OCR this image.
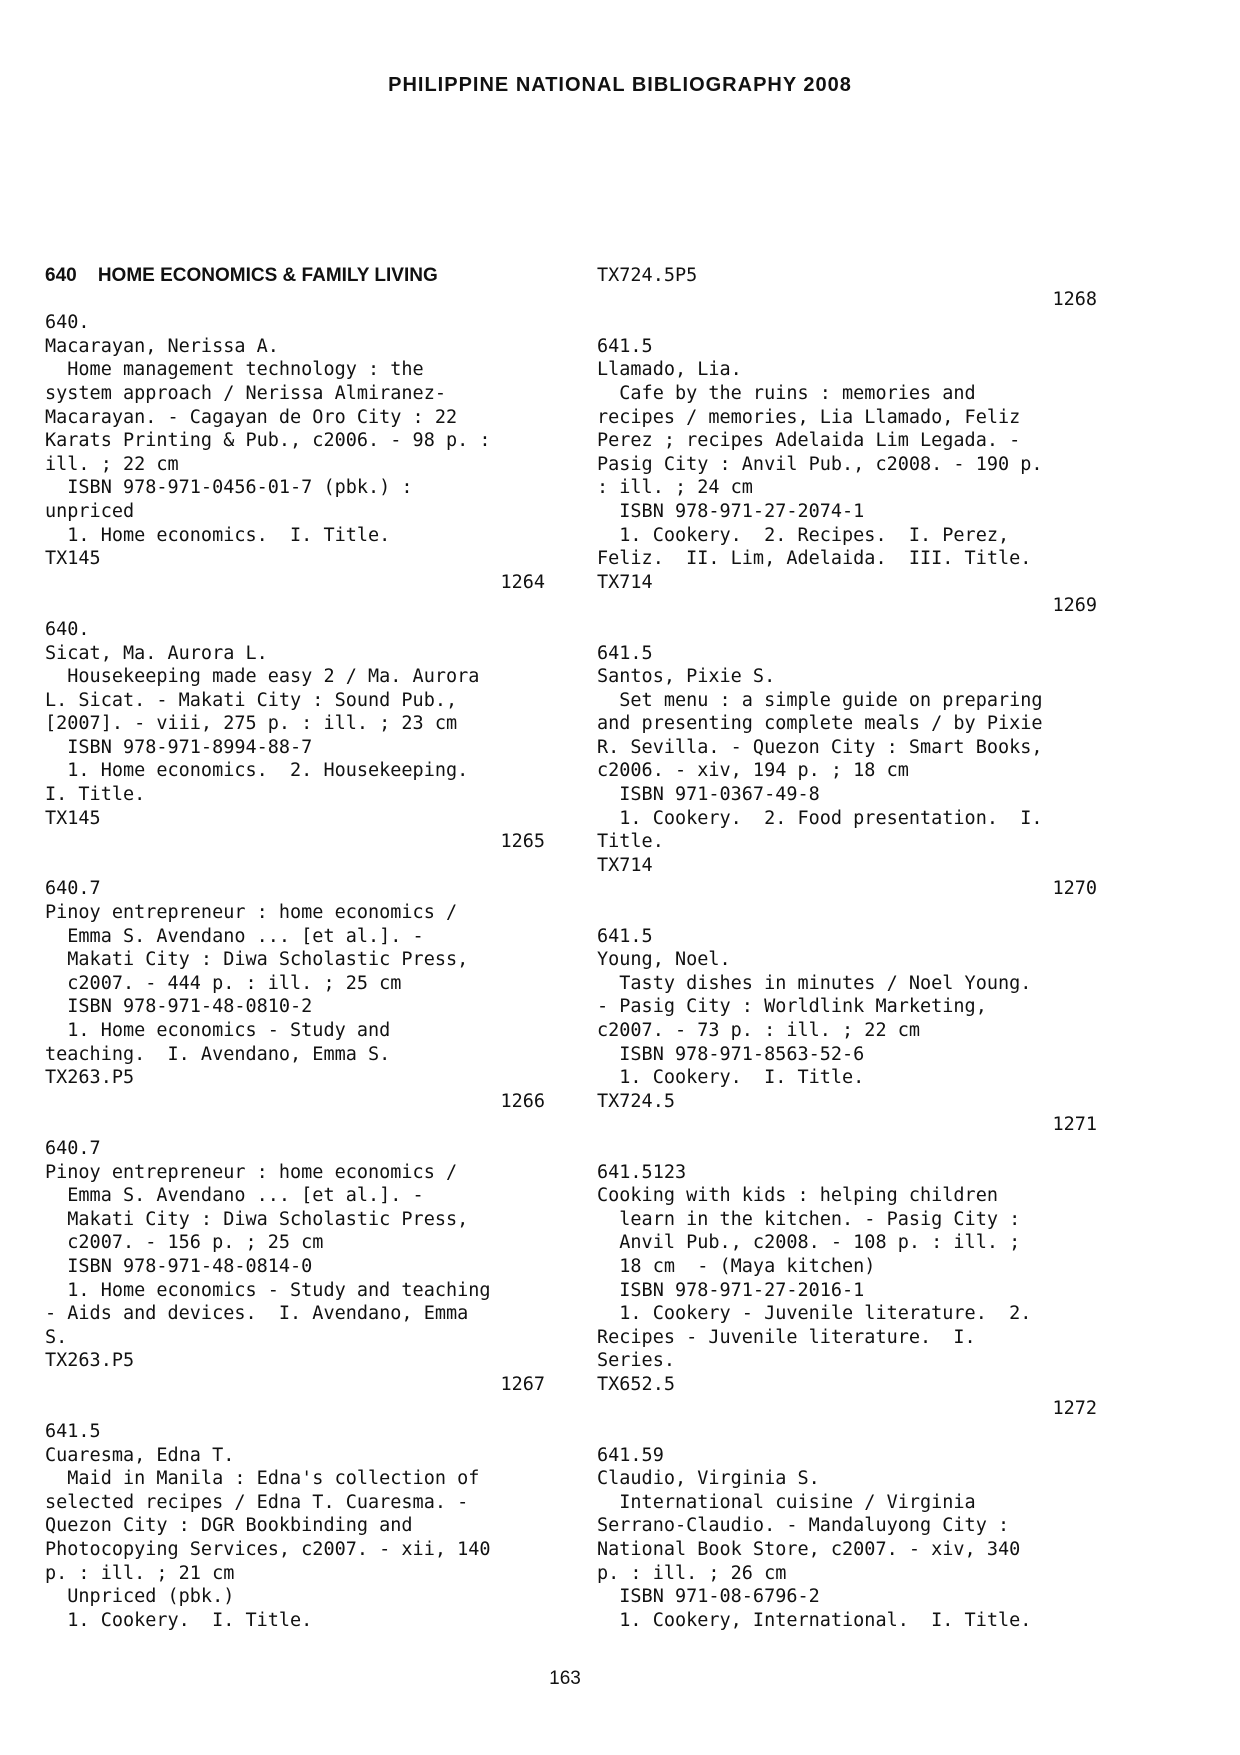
PHILIPPINE NATIONAL BIBLIOGRAPHY 2008
640    HOME ECONOMICS & FAMILY LIVING
640.
Macarayan, Nerissa A.
Home management technology : the
system approach / Nerissa Almiranez-
Macarayan. - Cagayan de Oro City : 22
Karats Printing & Pub., c2006. - 98 p. :
ill. ; 22 cm
ISBN 978-971-0456-01-7 (pbk.) :
unpriced
1. Home economics.  I. Title.
TX145
1264
640.
Sicat, Ma. Aurora L.
Housekeeping made easy 2 / Ma. Aurora
L. Sicat. - Makati City : Sound Pub.,
[2007]. - viii, 275 p. : ill. ; 23 cm
ISBN 978-971-8994-88-7
1. Home economics.  2. Housekeeping.
I. Title.
TX145
1265
640.7
Pinoy entrepreneur : home economics /
Emma S. Avendano ... [et al.]. -
Makati City : Diwa Scholastic Press,
c2007. - 444 p. : ill. ; 25 cm
ISBN 978-971-48-0810-2
1. Home economics - Study and
teaching.  I. Avendano, Emma S.
TX263.P5
1266
640.7
Pinoy entrepreneur : home economics /
Emma S. Avendano ... [et al.]. -
Makati City : Diwa Scholastic Press,
c2007. - 156 p. ; 25 cm
ISBN 978-971-48-0814-0
1. Home economics - Study and teaching
- Aids and devices.  I. Avendano, Emma
S.
TX263.P5
1267
641.5
Cuaresma, Edna T.
Maid in Manila : Edna's collection of
selected recipes / Edna T. Cuaresma. -
Quezon City : DGR Bookbinding and
Photocopying Services, c2007. - xii, 140
p. : ill. ; 21 cm
Unpriced (pbk.)
1. Cookery.  I. Title.
TX724.5P5
1268
641.5
Llamado, Lia.
Cafe by the ruins : memories and
recipes / memories, Lia Llamado, Feliz
Perez ; recipes Adelaida Lim Legada. -
Pasig City : Anvil Pub., c2008. - 190 p.
: ill. ; 24 cm
ISBN 978-971-27-2074-1
1. Cookery.  2. Recipes.  I. Perez,
Feliz.  II. Lim, Adelaida.  III. Title.
TX714
1269
641.5
Santos, Pixie S.
Set menu : a simple guide on preparing
and presenting complete meals / by Pixie
R. Sevilla. - Quezon City : Smart Books,
c2006. - xiv, 194 p. ; 18 cm
ISBN 971-0367-49-8
1. Cookery.  2. Food presentation.  I.
Title.
TX714
1270
641.5
Young, Noel.
Tasty dishes in minutes / Noel Young.
- Pasig City : Worldlink Marketing,
c2007. - 73 p. : ill. ; 22 cm
ISBN 978-971-8563-52-6
1. Cookery.  I. Title.
TX724.5
1271
641.5123
Cooking with kids : helping children
learn in the kitchen. - Pasig City :
Anvil Pub., c2008. - 108 p. : ill. ;
18 cm  - (Maya kitchen)
ISBN 978-971-27-2016-1
1. Cookery - Juvenile literature.  2.
Recipes - Juvenile literature.  I.
Series.
TX652.5
1272
641.59
Claudio, Virginia S.
International cuisine / Virginia
Serrano-Claudio. - Mandaluyong City :
National Book Store, c2007. - xiv, 340
p. : ill. ; 26 cm
ISBN 971-08-6796-2
1. Cookery, International.  I. Title.
163
